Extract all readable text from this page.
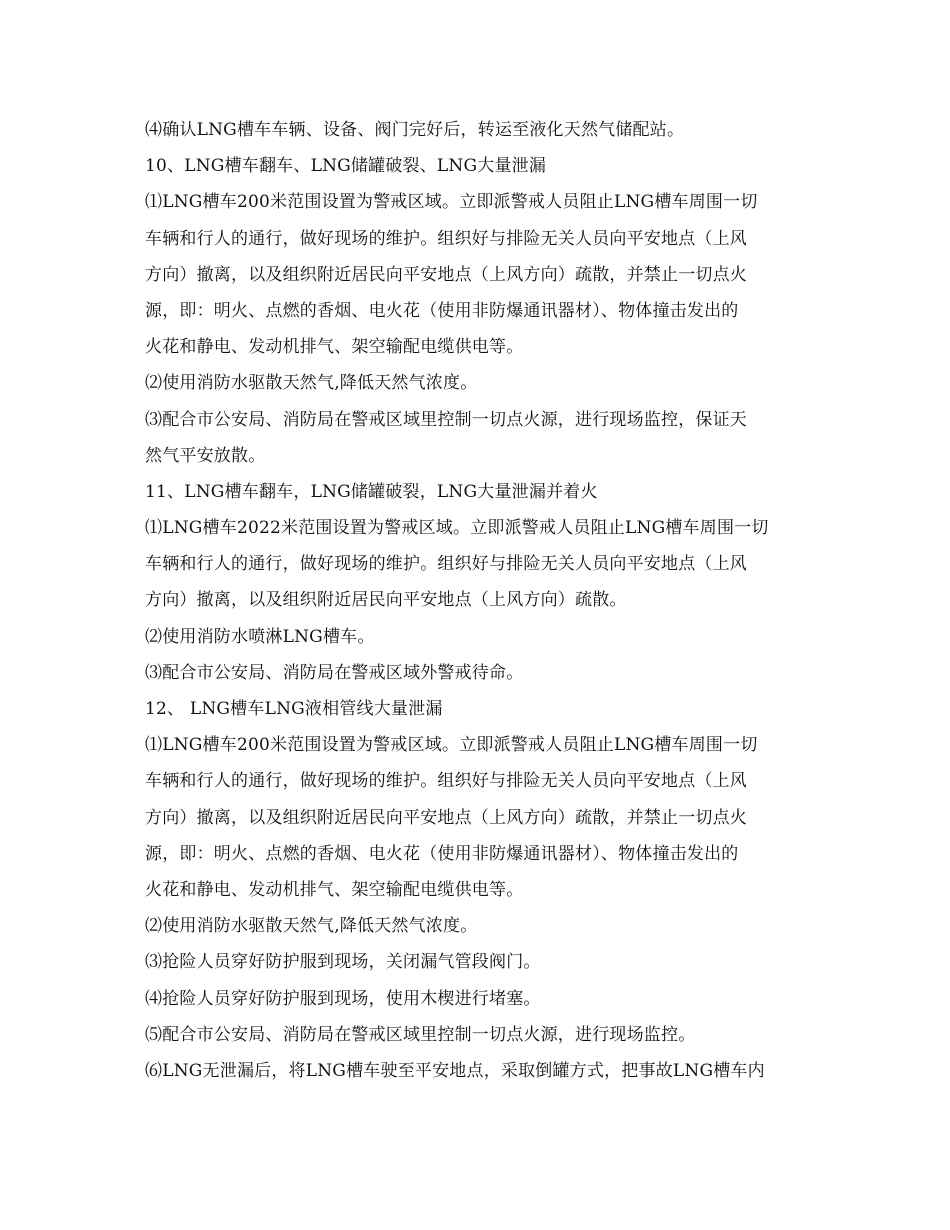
⑷确认LNG槽车车辆、设备、阀门完好后，转运至液化天然气储配站。
10、LNG槽车翻车、LNG储罐破裂、LNG大量泄漏
⑴LNG槽车200米范围设置为警戒区域。立即派警戒人员阻止LNG槽车周围一切
车辆和行人的通行，做好现场的维护。组织好与排险无关人员向平安地点（上风
方向）撤离，以及组织附近居民向平安地点（上风方向）疏散，并禁止一切点火
源，即：明火、点燃的香烟、电火花（使用非防爆通讯器材）、物体撞击发出的
火花和静电、发动机排气、架空输配电缆供电等。
⑵使用消防水驱散天然气,降低天然气浓度。
⑶配合市公安局、消防局在警戒区域里控制一切点火源，进行现场监控，保证天
然气平安放散。
11、LNG槽车翻车，LNG储罐破裂，LNG大量泄漏并着火
⑴LNG槽车2022米范围设置为警戒区域。立即派警戒人员阻止LNG槽车周围一切
车辆和行人的通行，做好现场的维护。组织好与排险无关人员向平安地点（上风
方向）撤离，以及组织附近居民向平安地点（上风方向）疏散。
⑵使用消防水喷淋LNG槽车。
⑶配合市公安局、消防局在警戒区域外警戒待命。
12、 LNG槽车LNG液相管线大量泄漏
⑴LNG槽车200米范围设置为警戒区域。立即派警戒人员阻止LNG槽车周围一切
车辆和行人的通行，做好现场的维护。组织好与排险无关人员向平安地点（上风
方向）撤离，以及组织附近居民向平安地点（上风方向）疏散，并禁止一切点火
源，即：明火、点燃的香烟、电火花（使用非防爆通讯器材）、物体撞击发出的
火花和静电、发动机排气、架空输配电缆供电等。
⑵使用消防水驱散天然气,降低天然气浓度。
⑶抢险人员穿好防护服到现场，关闭漏气管段阀门。
⑷抢险人员穿好防护服到现场，使用木楔进行堵塞。
⑸配合市公安局、消防局在警戒区域里控制一切点火源，进行现场监控。
⑹LNG无泄漏后，将LNG槽车驶至平安地点，采取倒罐方式，把事故LNG槽车内
